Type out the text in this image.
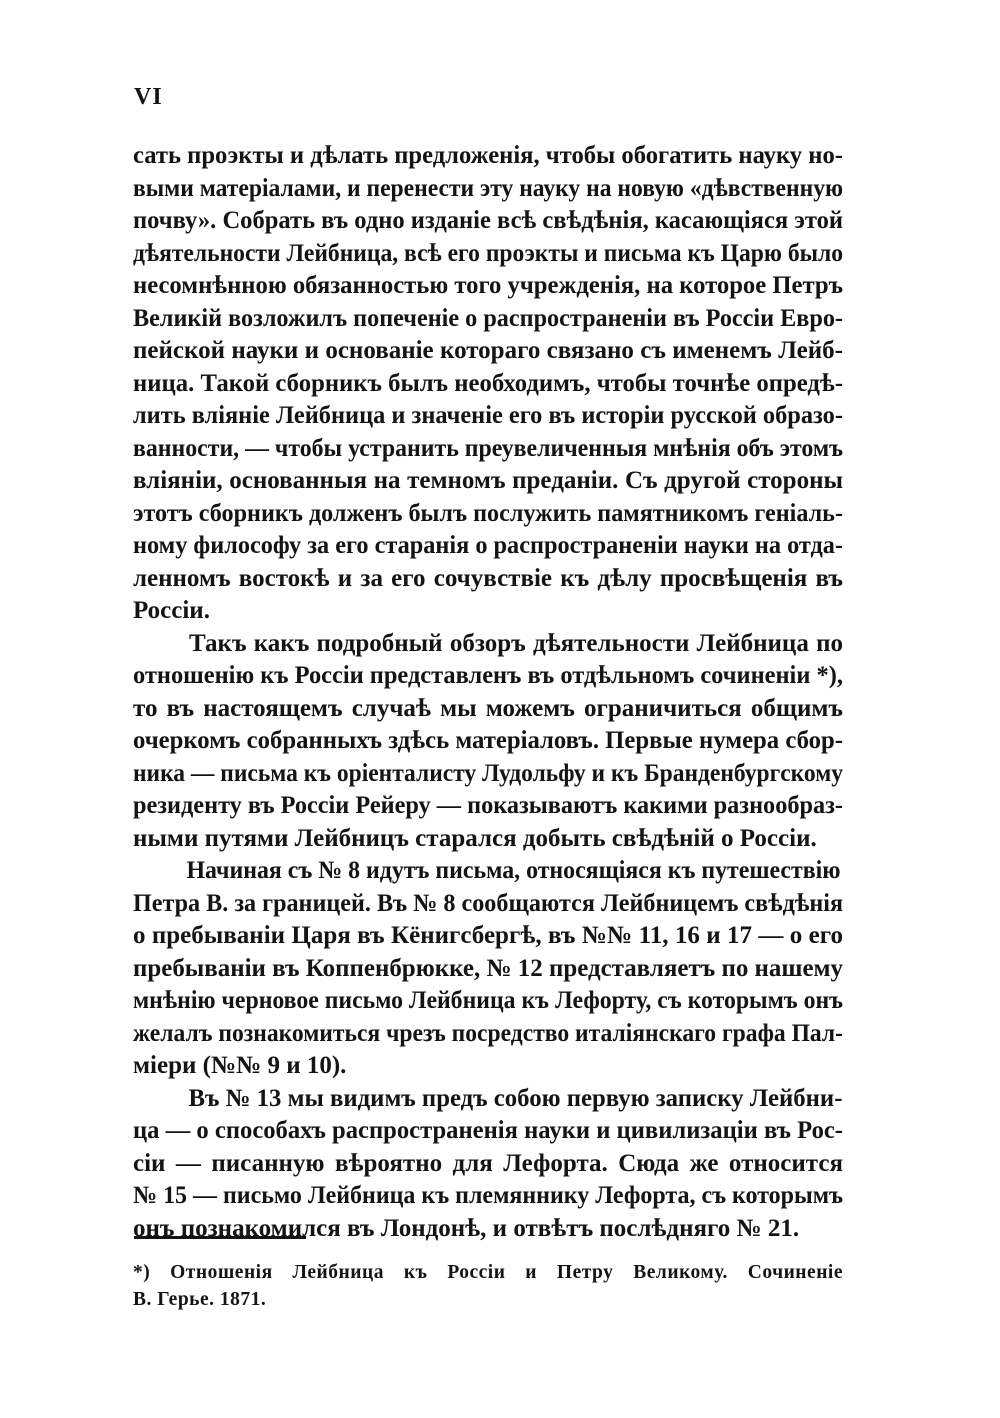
VI
сать проэкты и дѣлать предложенія, чтобы обогатить науку но-
выми матеріалами, и перенести эту науку на новую «дѣвственную
почву». Собрать въ одно изданіе всѣ свѣдѣнія, касающіяся этой
дѣятельности Лейбница, всѣ его проэкты и письма къ Царю было
несомнѣнною обязанностью того учрежденія, на которое Петръ
Великій возложилъ попеченіе о распространеніи въ Россіи Евро-
пейской науки и основаніе котораго связано съ именемъ Лейб-
ница. Такой сборникъ былъ необходимъ, чтобы точнѣе опредѣ-
лить вліяніе Лейбница и значеніе его въ исторіи русской образо-
ванности, — чтобы устранить преувеличенныя мнѣнія объ этомъ
вліяніи, основанныя на темномъ преданіи. Съ другой стороны
этотъ сборникъ долженъ былъ послужить памятникомъ геніаль-
ному философу за его старанія о распространеніи науки на отда-
ленномъ востокѣ и за его сочувствіе къ дѣлу просвѣщенія въ
Россіи.
Такъ какъ подробный обзоръ дѣятельности Лейбница по
отношенію къ Россіи представленъ въ отдѣльномъ сочиненіи *),
то въ настоящемъ случаѣ мы можемъ ограничиться общимъ
очеркомъ собранныхъ здѣсь матеріаловъ. Первые нумера сбор-
ника — письма къ оріенталисту Лудольфу и къ Бранденбургскому
резиденту въ Россіи Рейеру — показываютъ какими разнообраз-
ными путями Лейбницъ старался добыть свѣдѣній о Россіи.
Начиная съ № 8 идутъ письма, относящіяся къ путешествію
Петра В. за границей. Въ № 8 сообщаются Лейбницемъ свѣдѣнія
о пребываніи Царя въ Кёнигсбергѣ, въ №№ 11, 16 и 17 — о его
пребываніи въ Коппенбрюкке, № 12 представляетъ по нашему
мнѣнію черновое письмо Лейбница къ Лефорту, съ которымъ онъ
желалъ познакомиться чрезъ посредство италіянскаго графа Пал-
міери (№№ 9 и 10).
Въ № 13 мы видимъ предъ собою первую записку Лейбни-
ца — о способахъ распространенія науки и цивилизаціи въ Рос-
сіи — писанную вѣроятно для Лефорта. Сюда же относится
№ 15 — письмо Лейбница къ племяннику Лефорта, съ которымъ
онъ познакомился въ Лондонѣ, и отвѣтъ послѣдняго № 21.
*) Отношенія Лейбница къ Россіи и Петру Великому. Сочиненіе
В. Герье. 1871.
